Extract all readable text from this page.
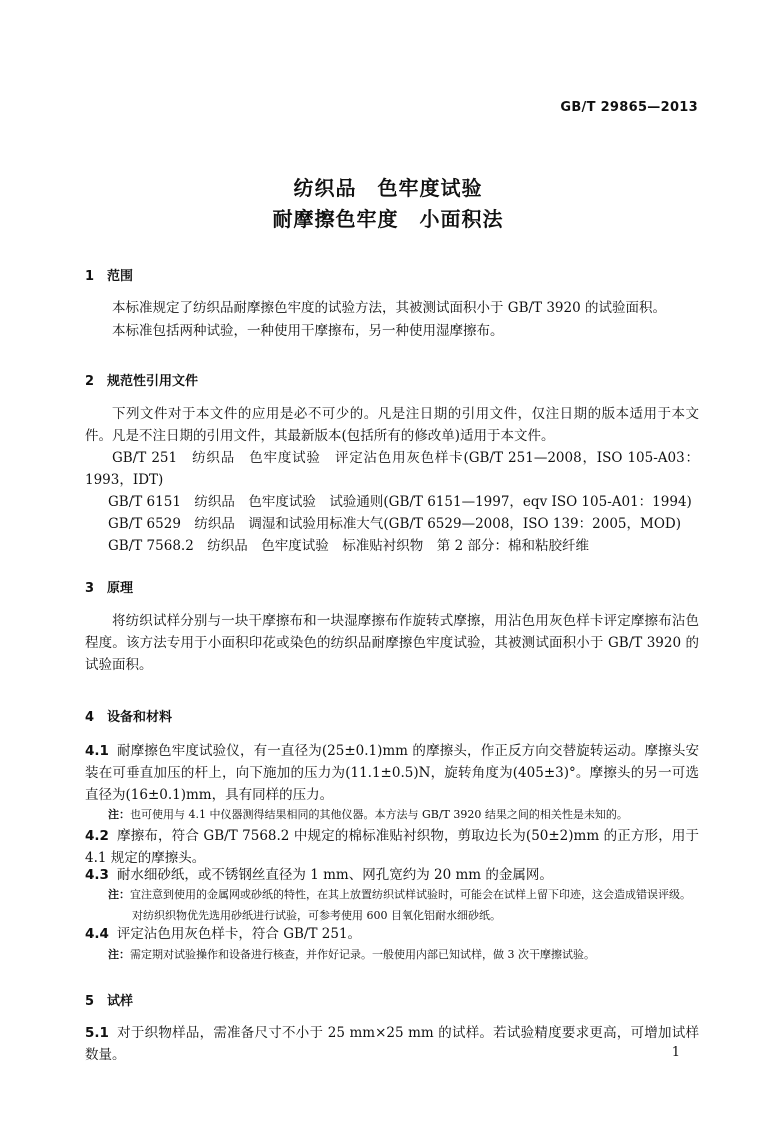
GB/T 29865—2013
纺织品　色牢度试验
耐摩擦色牢度　小面积法
1 范围
本标准规定了纺织品耐摩擦色牢度的试验方法，其被测试面积小于 GB/T 3920 的试验面积。
本标准包括两种试验，一种使用干摩擦布，另一种使用湿摩擦布。
2 规范性引用文件
下列文件对于本文件的应用是必不可少的。凡是注日期的引用文件，仅注日期的版本适用于本文件。凡是不注日期的引用文件，其最新版本(包括所有的修改单)适用于本文件。
GB/T 251　纺织品　色牢度试验　评定沾色用灰色样卡(GB/T 251—2008，ISO 105-A03：1993，IDT)
GB/T 6151　纺织品　色牢度试验　试验通则(GB/T 6151—1997，eqv ISO 105-A01：1994)
GB/T 6529　纺织品　调湿和试验用标准大气(GB/T 6529—2008，ISO 139：2005，MOD)
GB/T 7568.2　纺织品　色牢度试验　标准贴衬织物　第 2 部分：棉和粘胶纤维
3 原理
将纺织试样分别与一块干摩擦布和一块湿摩擦布作旋转式摩擦，用沾色用灰色样卡评定摩擦布沾色程度。该方法专用于小面积印花或染色的纺织品耐摩擦色牢度试验，其被测试面积小于 GB/T 3920 的试验面积。
4 设备和材料
4.1 耐摩擦色牢度试验仪，有一直径为(25±0.1)mm 的摩擦头，作正反方向交替旋转运动。摩擦头安装在可垂直加压的杆上，向下施加的压力为(11.1±0.5)N，旋转角度为(405±3)°。摩擦头的另一可选直径为(16±0.1)mm，具有同样的压力。
注：也可使用与 4.1 中仪器测得结果相同的其他仪器。本方法与 GB/T 3920 结果之间的相关性是未知的。
4.2 摩擦布，符合 GB/T 7568.2 中规定的棉标准贴衬织物，剪取边长为(50±2)mm 的正方形，用于 4.1 规定的摩擦头。
4.3 耐水细砂纸，或不锈钢丝直径为 1 mm、网孔宽约为 20 mm 的金属网。
注：宜注意到使用的金属网或砂纸的特性，在其上放置纺织试样试验时，可能会在试样上留下印迹，这会造成错误评级。对纺织织物优先选用砂纸进行试验，可参考使用 600 目氧化铝耐水细砂纸。
4.4 评定沾色用灰色样卡，符合 GB/T 251。
注：需定期对试验操作和设备进行核查，并作好记录。一般使用内部已知试样，做 3 次干摩擦试验。
5 试样
5.1 对于织物样品，需准备尺寸不小于 25 mm×25 mm 的试样。若试验精度要求更高，可增加试样数量。	1
